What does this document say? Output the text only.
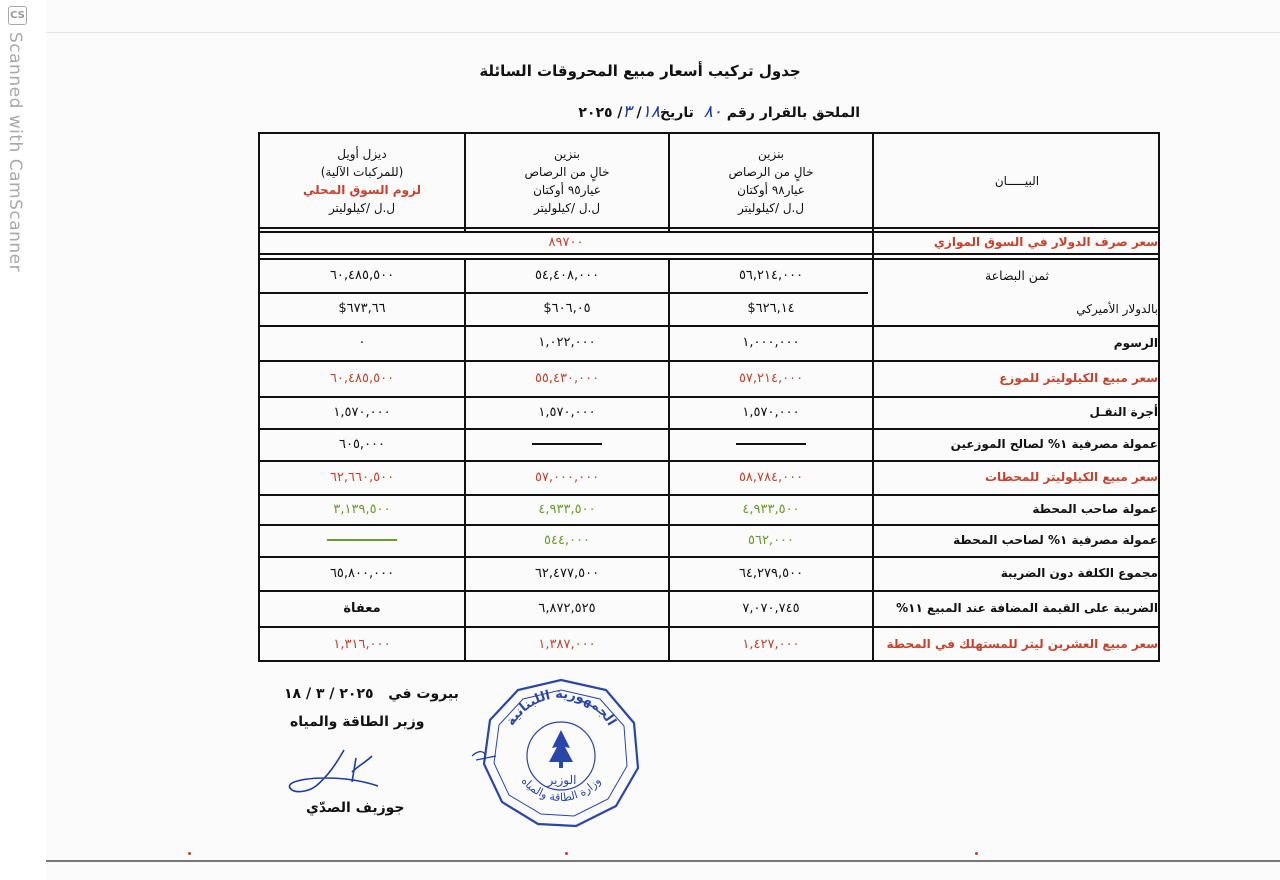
CS
Scanned with CamScanner	جدول تركيب أسعار مبيع المحروقات السائلة
الملحق بالقرار رقم ٨٠  تاريخ١٨/ ٣/ ٢٠٢٥
البيـــــان
بنزين
خالٍ من الرصاص
عيار٩٨ أوكتان
ل.ل /كيلوليتر
بنزين
خالٍ من الرصاص
عيار٩٥ أوكتان
ل.ل /كيلوليتر
ديزل أويل
(للمركبات الآلية)
لزوم السوق المحلي
ل.ل /كيلوليتر
سعر صرف الدولار في السوق الموازي
٨٩٧٠٠
ثمن البضاعة
بالدولار الأميركي
٥٦,٢١٤,٠٠٠
٥٤,٤٠٨,٠٠٠
٦٠,٤٨٥,٥٠٠
٦٢٦,١٤$
٦٠٦,٠٥$
٦٧٣,٦٦$
الرسوم
١,٠٠٠,٠٠٠
١,٠٢٢,٠٠٠
٠
سعر مبيع الكيلوليتر للموزع
٥٧,٢١٤,٠٠٠
٥٥,٤٣٠,٠٠٠
٦٠,٤٨٥,٥٠٠
أجرة النقـل
١,٥٧٠,٠٠٠
١,٥٧٠,٠٠٠
١,٥٧٠,٠٠٠
عمولة مصرفية ١% لصالح الموزعين
٦٠٥,٠٠٠
سعر مبيع الكيلوليتر للمحطات
٥٨,٧٨٤,٠٠٠
٥٧,٠٠٠,٠٠٠
٦٢,٦٦٠,٥٠٠
عمولة صاحب المحطة
٤,٩٣٣,٥٠٠
٤,٩٣٣,٥٠٠
٣,١٣٩,٥٠٠
عمولة مصرفية ١% لصاحب المحطة
٥٦٢,٠٠٠
٥٤٤,٠٠٠
مجموع الكلفة دون الضريبة
٦٤,٢٧٩,٥٠٠
٦٢,٤٧٧,٥٠٠
٦٥,٨٠٠,٠٠٠
الضريبة على القيمة المضافة عند المبيع ١١%
٧,٠٧٠,٧٤٥
٦,٨٧٢,٥٢٥
معفاة
سعر مبيع العشرين ليتر للمستهلك في المحطة
١,٤٢٧,٠٠٠
١,٣٨٧,٠٠٠
١,٣١٦,٠٠٠
بيروت في   ٢٠٢٥ / ٣ / ١٨
وزير الطاقة والمياه
جوزيف الصدّي
الجمهورية اللبنانية
وزارة الطاقة والمياه
الوزير
